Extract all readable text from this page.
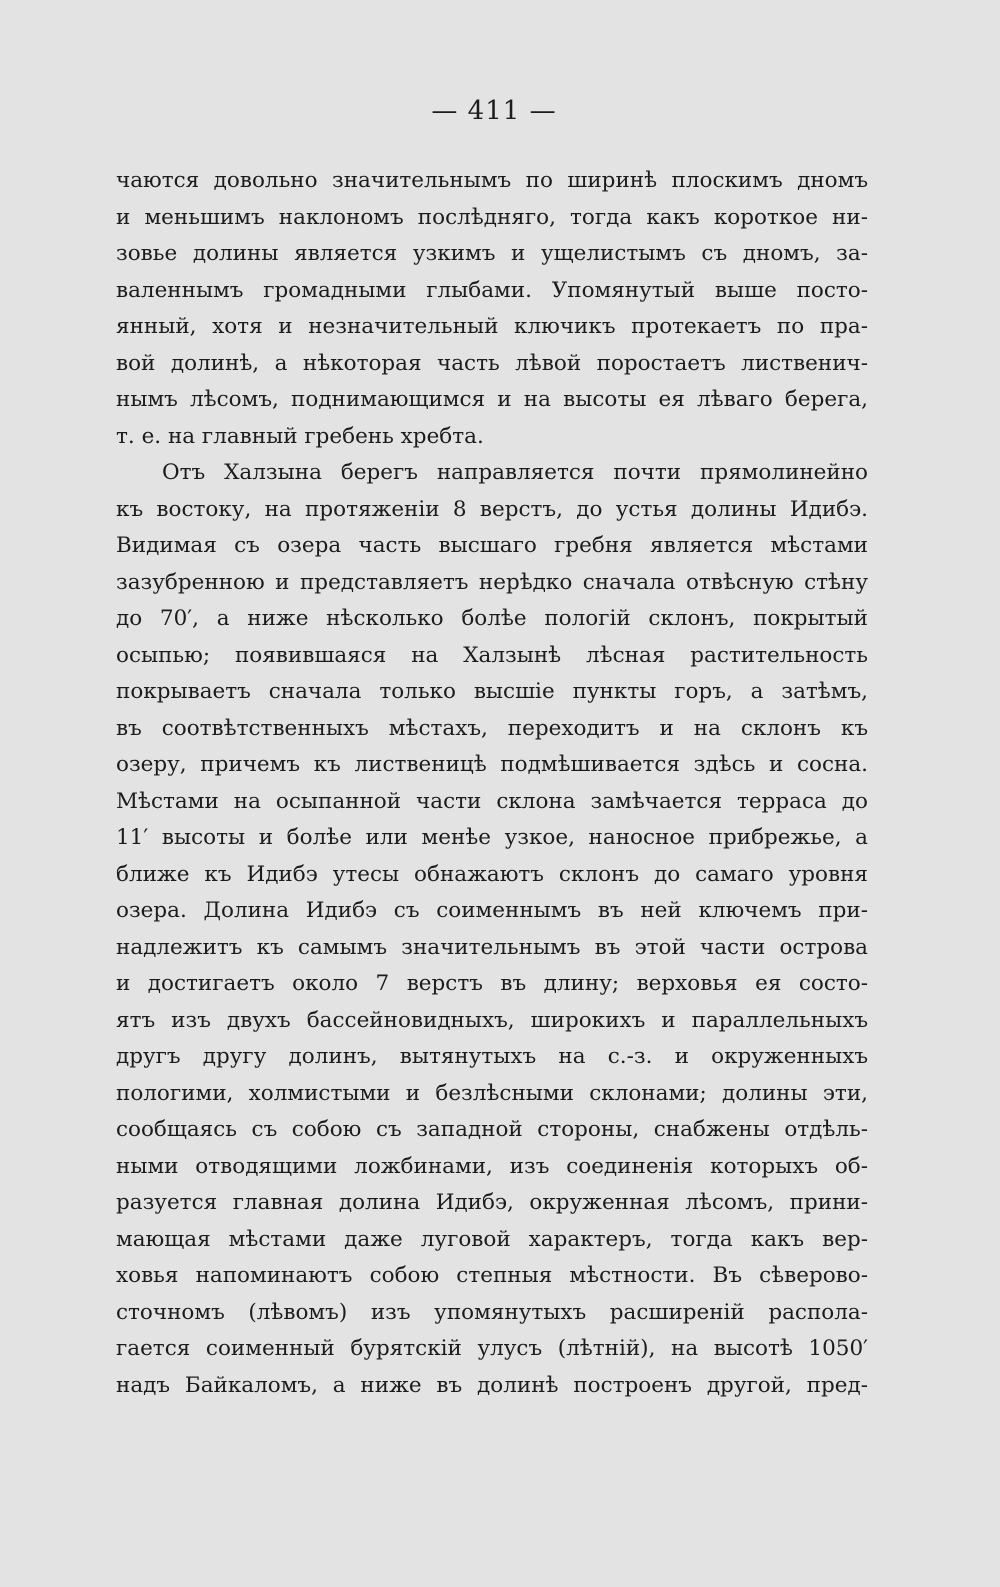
— 411 —
чаются довольно значительнымъ по ширинѣ плоскимъ дномъ
и меньшимъ наклономъ послѣдняго, тогда какъ короткое ни-
зовье долины является узкимъ и ущелистымъ съ дномъ, за-
валеннымъ громадными глыбами. Упомянутый выше посто-
янный, хотя и незначительный ключикъ протекаетъ по пра-
вой долинѣ, а нѣкоторая часть лѣвой поростаетъ лиственич-
нымъ лѣсомъ, поднимающимся и на высоты ея лѣваго берега,
т. е. на главный гребень хребта.
Отъ Халзына берегъ направляется почти прямолинейно
къ востоку, на протяженіи 8 верстъ, до устья долины Идибэ.
Видимая съ озера часть высшаго гребня является мѣстами
зазубренною и представляетъ нерѣдко сначала отвѣсную стѣну
до 70′, а ниже нѣсколько болѣе пологій склонъ, покрытый
осыпью; появившаяся на Халзынѣ лѣсная растительность
покрываетъ сначала только высшіе пункты горъ, а затѣмъ,
въ соотвѣтственныхъ мѣстахъ, переходитъ и на склонъ къ
озеру, причемъ къ лиственицѣ подмѣшивается здѣсь и сосна.
Мѣстами на осыпанной части склона замѣчается терраса до
11′ высоты и болѣе или менѣе узкое, наносное прибрежье, а
ближе къ Идибэ утесы обнажаютъ склонъ до самаго уровня
озера. Долина Идибэ съ соименнымъ въ ней ключемъ при-
надлежитъ къ самымъ значительнымъ въ этой части острова
и достигаетъ около 7 верстъ въ длину; верховья ея состо-
ятъ изъ двухъ бассейновидныхъ, широкихъ и параллельныхъ
другъ другу долинъ, вытянутыхъ на с.-з. и окруженныхъ
пологими, холмистыми и безлѣсными склонами; долины эти,
сообщаясь съ собою съ западной стороны, снабжены отдѣль-
ными отводящими ложбинами, изъ соединенія которыхъ об-
разуется главная долина Идибэ, окруженная лѣсомъ, прини-
мающая мѣстами даже луговой характеръ, тогда какъ вер-
ховья напоминаютъ собою степныя мѣстности. Въ сѣверово-
сточномъ (лѣвомъ) изъ упомянутыхъ расширеній распола-
гается соименный бурятскій улусъ (лѣтній), на высотѣ 1050′
надъ Байкаломъ, а ниже въ долинѣ построенъ другой, пред-
